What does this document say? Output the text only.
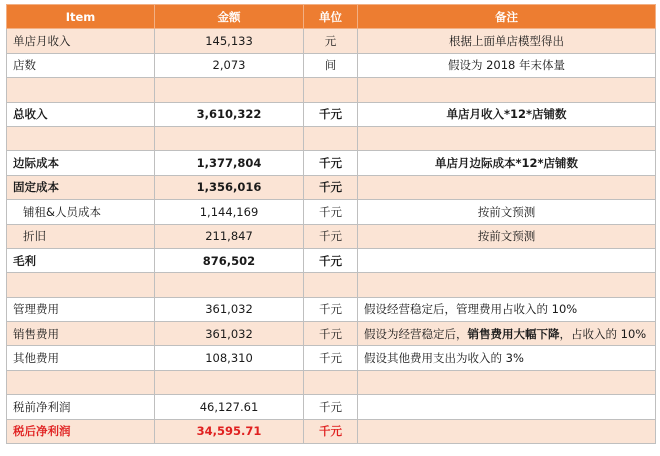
Item	金额	单位	备注
单店月收入	145,133	元	根据上面单店模型得出
店数	2,073	间	假设为 2018 年末体量

总收入	3,610,322	千元	单店月收入*12*店铺数

边际成本	1,377,804	千元	单店月边际成本*12*店铺数
固定成本	1,356,016	千元	
铺租&人员成本	1,144,169	千元	按前文预测
折旧	211,847	千元	按前文预测
毛利	876,502	千元	

管理费用	361,032	千元	假设经营稳定后，管理费用占收入的 10%
销售费用	361,032	千元	假设为经营稳定后，销售费用大幅下降，占收入的 10%
其他费用	108,310	千元	假设其他费用支出为收入的 3%

税前净利润	46,127.61	千元	
税后净利润	34,595.71	千元	
